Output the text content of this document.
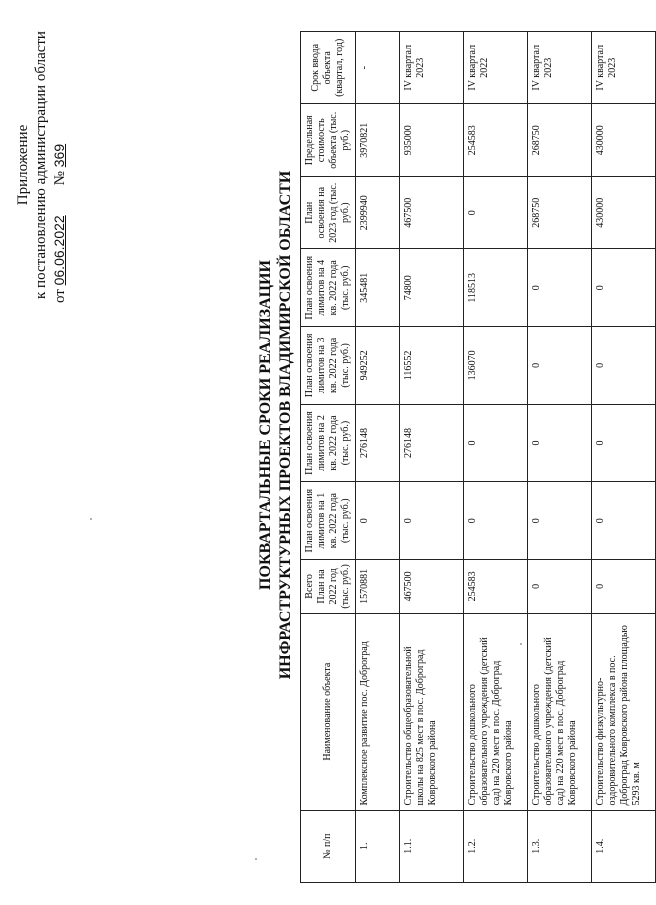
Приложение к постановлению администрации области от 06.06.2022        № 369
ПОКВАРТАЛЬНЫЕ СРОКИ РЕАЛИЗАЦИИ ИНФРАСТРУКТУРНЫХ ПРОЕКТОВ ВЛАДИМИРСКОЙ ОБЛАСТИ
№ п/п	Наименование объекта	Всего План на 2022 год (тыс. руб.)	План освоения лимитов на 1 кв. 2022 года (тыс. руб.)	План освоения лимитов на 2 кв. 2022 года (тыс. руб.)	План освоения лимитов на 3 кв. 2022 года (тыс. руб.)	План освоения лимитов на 4 кв. 2022 года (тыс. руб.)	План освоения на 2023 год (тыс. руб.)	Предельная стоимость объекта (тыс. руб.)	Срок ввода объекта (квартал, год)
1.	Комплексное развитие пос. Доброград	1570881	0	276148	949252	345481	2399940	3970821	-
1.1.	Строительство общеобразовательной школы на 825 мест в пос. Доброград Ковровского района	467500	0	276148	116552	74800	467500	935000	IV квартал 2023
1.2.	Строительство дошкольного образовательного учреждения (детский сад) на 220 мест в пос. Доброград Ковровского района	254583	0	0	136070	118513	0	254583	IV квартал 2022
1.3.	Строительство дошкольного образовательного учреждения (детский сад) на 220 мест в пос. Доброград Ковровского района	0	0	0	0	0	268750	268750	IV квартал 2023
1.4.	Строительство физкультурно-оздоровительного комплекса в пос. Доброград Ковровского района площадью 5293 кв. м	0	0	0	0	0	430000	430000	IV квартал 2023
